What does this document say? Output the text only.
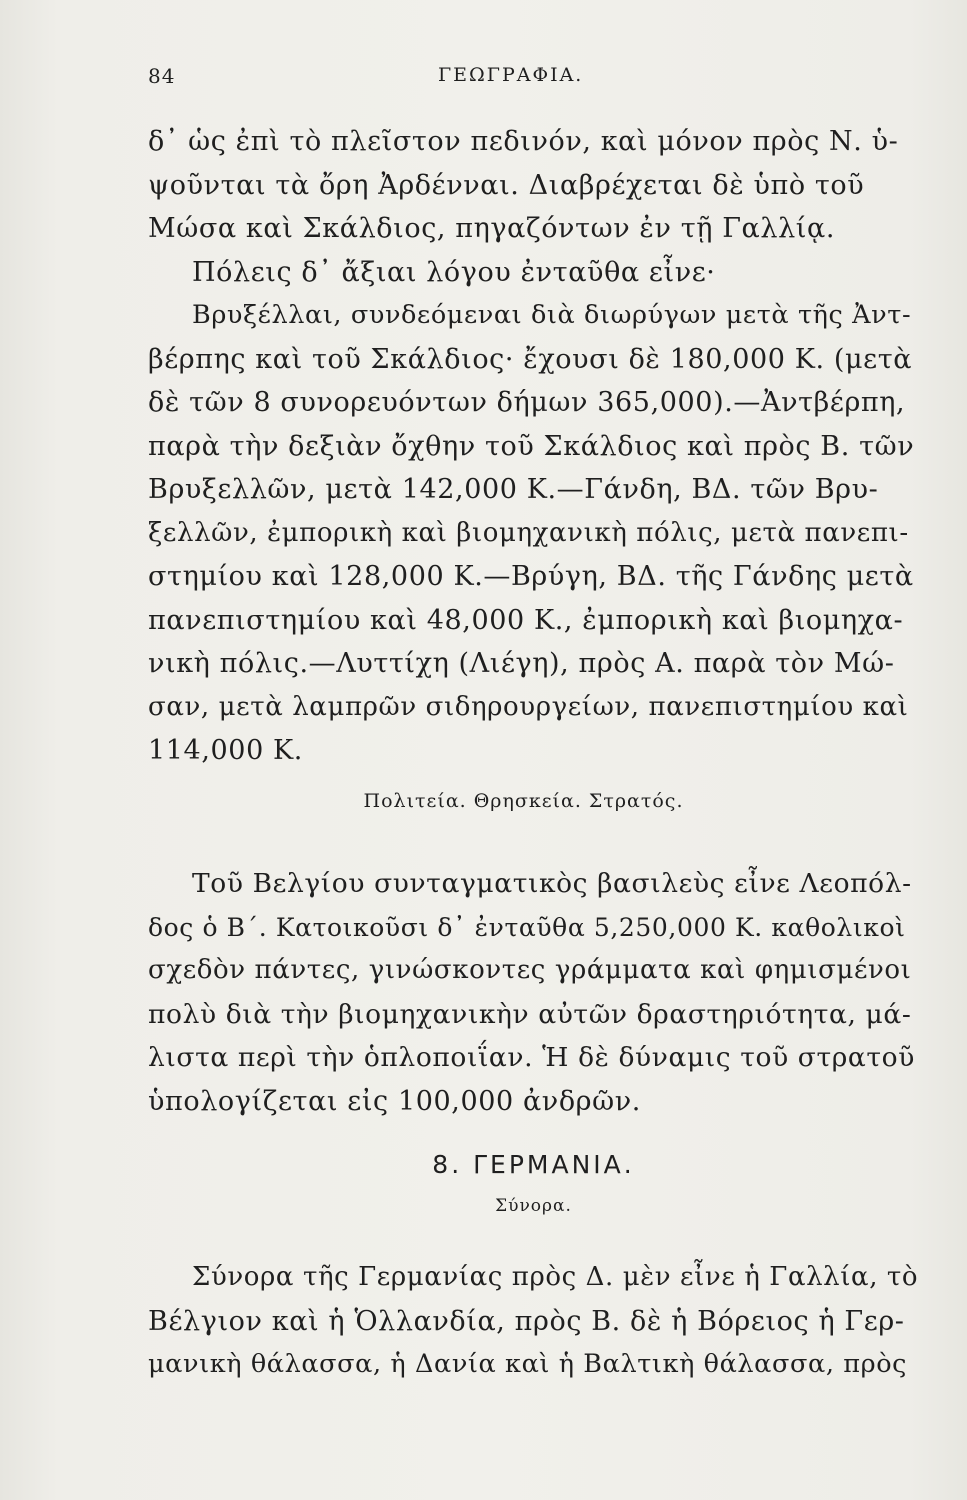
84	ΓΕΩΓΡΑΦΙΑ.
δ᾽ ὡς ἐπὶ τὸ πλεῖστον πεδινόν, καὶ μόνον πρὸς Ν. ὑ-
ψοῦνται τὰ ὄρη Ἀρδένναι. Διαβρέχεται δὲ ὑπὸ τοῦ
Μώσα καὶ Σκάλδιος, πηγαζόντων ἐν τῇ Γαλλίᾳ.
Πόλεις δ᾽ ἄξιαι λόγου ἐνταῦθα εἶνε·
Βρυξέλλαι, συνδεόμεναι διὰ διωρύγων μετὰ τῆς Ἀντ-
βέρπης καὶ τοῦ Σκάλδιος· ἔχουσι δὲ 180,000 Κ. (μετὰ
δὲ τῶν 8 συνορευόντων δήμων 365,000).—Ἀντβέρπη,
παρὰ τὴν δεξιὰν ὄχθην τοῦ Σκάλδιος καὶ πρὸς Β. τῶν
Βρυξελλῶν, μετὰ 142,000 Κ.—Γάνδη, ΒΔ. τῶν Βρυ-
ξελλῶν, ἐμπορικὴ καὶ βιομηχανικὴ πόλις, μετὰ πανεπι-
στημίου καὶ 128,000 Κ.—Βρύγη, ΒΔ. τῆς Γάνδης μετὰ
πανεπιστημίου καὶ 48,000 Κ., ἐμπορικὴ καὶ βιομηχα-
νικὴ πόλις.—Λυττίχη (Λιέγη), πρὸς Α. παρὰ τὸν Μώ-
σαν, μετὰ λαμπρῶν σιδηρουργείων, πανεπιστημίου καὶ
114,000 Κ.
Πολιτεία. Θρησκεία. Στρατός.
Τοῦ Βελγίου συνταγματικὸς βασιλεὺς εἶνε Λεοπόλ-
δος ὁ Β΄. Κατοικοῦσι δ᾽ ἐνταῦθα 5,250,000 Κ. καθολικοὶ
σχεδὸν πάντες, γινώσκοντες γράμματα καὶ φημισμένοι
πολὺ διὰ τὴν βιομηχανικὴν αὐτῶν δραστηριότητα, μά-
λιστα περὶ τὴν ὁπλοποιΐαν. Ἡ δὲ δύναμις τοῦ στρατοῦ
ὑπολογίζεται εἰς 100,000 ἀνδρῶν.
8. ΓΕΡΜΑΝΙΑ.
Σύνορα.
Σύνορα τῆς Γερμανίας πρὸς Δ. μὲν εἶνε ἡ Γαλλία, τὸ
Βέλγιον καὶ ἡ Ὁλλανδία, πρὸς Β. δὲ ἡ Βόρειος ἡ Γερ-
μανικὴ θάλασσα, ἡ Δανία καὶ ἡ Βαλτικὴ θάλασσα, πρὸς
